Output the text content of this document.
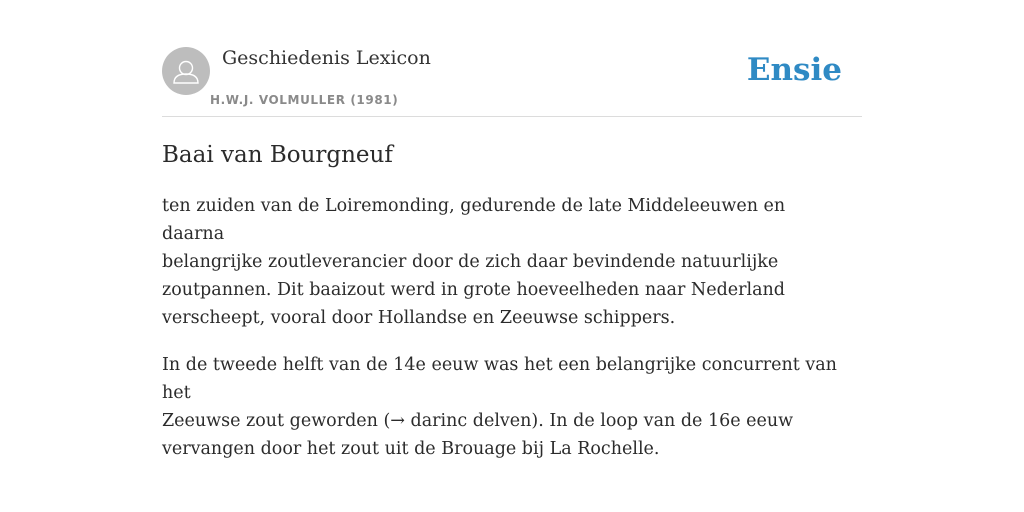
Geschiedenis Lexicon
H.W.J. VOLMULLER (1981)
Ensie
Baai van Bourgneuf

ten zuiden van de Loiremonding, gedurende de late Middeleeuwen en daarna
belangrijke zoutleverancier door de zich daar bevindende natuurlijke
zoutpannen. Dit baaizout werd in grote hoeveelheden naar Nederland
verscheept, vooral door Hollandse en Zeeuwse schippers.

In de tweede helft van de 14e eeuw was het een belangrijke concurrent van het
Zeeuwse zout geworden (→ darinc delven). In de loop van de 16e eeuw
vervangen door het zout uit de Brouage bij La Rochelle.
